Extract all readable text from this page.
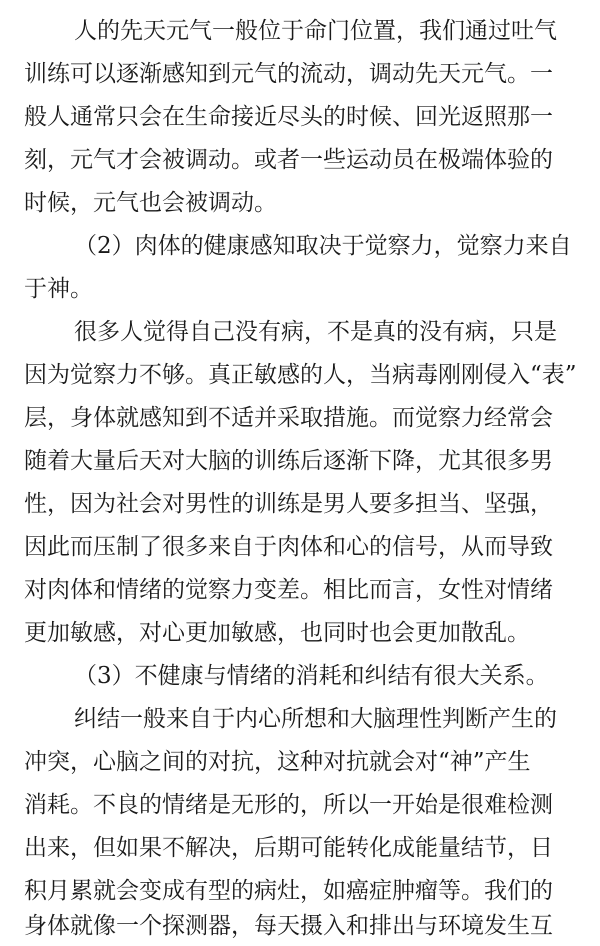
人的先天元气一般位于命门位置，我们通过吐气
训练可以逐渐感知到元气的流动，调动先天元气。一
般人通常只会在生命接近尽头的时候、回光返照那一
刻，元气才会被调动。或者一些运动员在极端体验的
时候，元气也会被调动。
（2）肉体的健康感知取决于觉察力，觉察力来自
于神。
很多人觉得自己没有病，不是真的没有病，只是
因为觉察力不够。真正敏感的人，当病毒刚刚侵入“表”
层，身体就感知到不适并采取措施。而觉察力经常会
随着大量后天对大脑的训练后逐渐下降，尤其很多男
性，因为社会对男性的训练是男人要多担当、坚强，
因此而压制了很多来自于肉体和心的信号，从而导致
对肉体和情绪的觉察力变差。相比而言，女性对情绪
更加敏感，对心更加敏感，也同时也会更加散乱。
（3）不健康与情绪的消耗和纠结有很大关系。
纠结一般来自于内心所想和大脑理性判断产生的
冲突，心脑之间的对抗，这种对抗就会对“神”产生
消耗。不良的情绪是无形的，所以一开始是很难检测
出来，但如果不解决，后期可能转化成能量结节，日
积月累就会变成有型的病灶，如癌症肿瘤等。我们的
身体就像一个探测器，每天摄入和排出与环境发生互
